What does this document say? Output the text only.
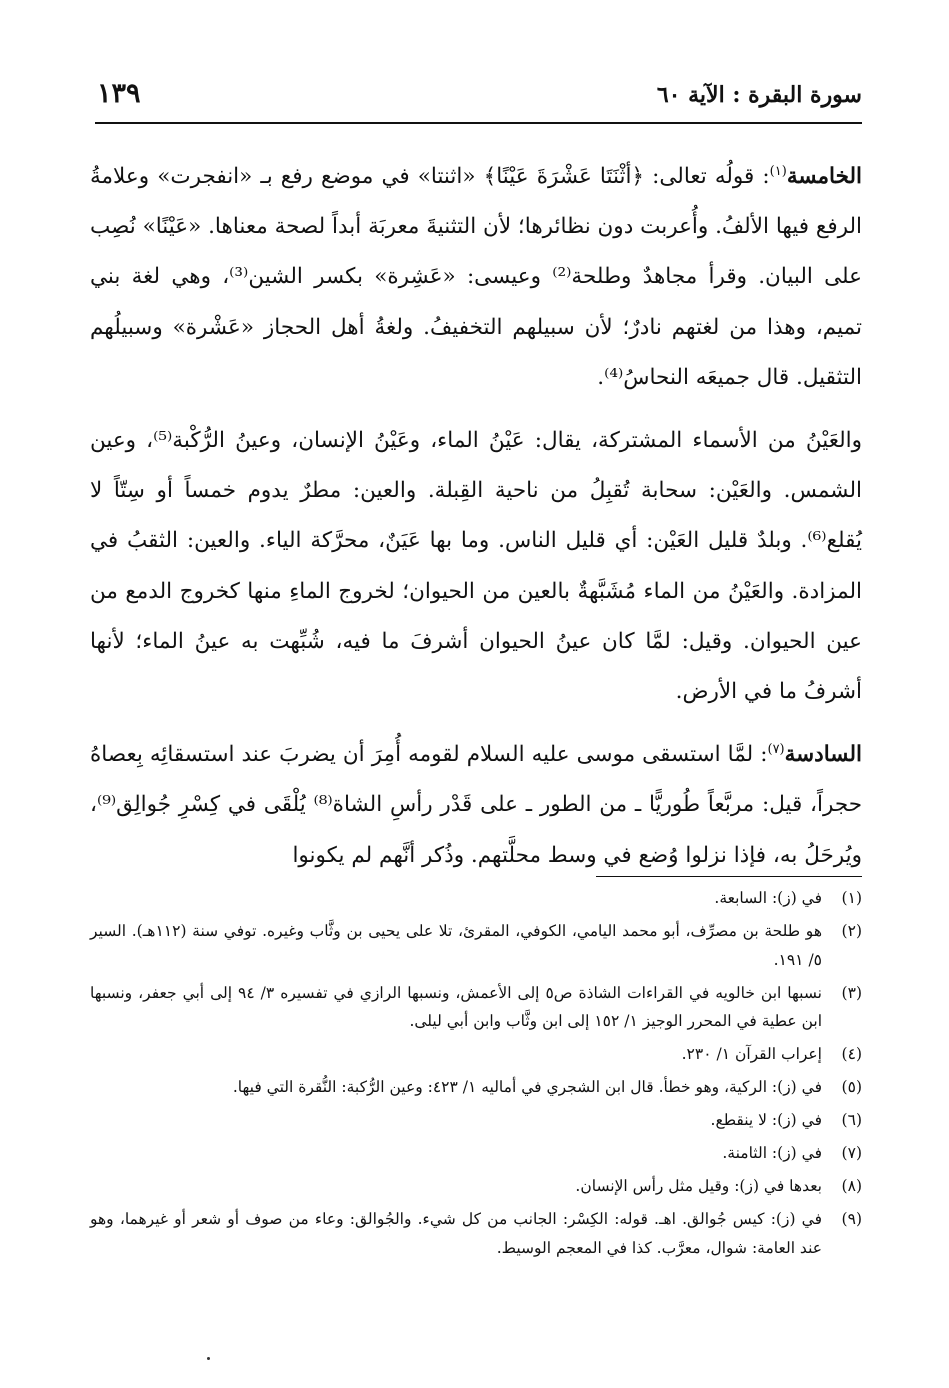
سورة البقرة : الآية ٦٠
١٣٩

الخامسة$^{(١)}$: قولُه تعالى: ﴿أثْنَتَا عَشْرَةَ عَيْنًا﴾ «اثنتا» في موضع رفع بـ «انفجرت» وعلامةُ الرفع فيها الألفُ. وأُعربت دون نظائرها؛ لأن التثنيةَ معربَة أبداً لصحة معناها. «عَيْنًا» نُصِب على البيان. وقرأ مجاهدٌ وطلحة⁽²⁾ وعيسى: «عَشِرة» بكسر الشين⁽³⁾، وهي لغة بني تميم، وهذا من لغتهم نادرٌ؛ لأن سبيلهم التخفيفُ. ولغةُ أهل الحجاز «عَشْرة» وسبيلُهم التثقيل. قال جميعَه النحاسُ⁽⁴⁾.

والعَيْنُ من الأسماء المشتركة، يقال: عَيْنُ الماء، وعَيْنُ الإنسان، وعينُ الرُّكْبة⁽⁵⁾، وعين الشمس. والعَيْن: سحابة تُقبِلُ من ناحية القِبلة. والعين: مطرٌ يدوم خمساً أو سِتّاً لا يُقلع⁽⁶⁾. وبلدٌ قليل العَيْن: أي قليل الناس. وما بها عَيَنٌ، محرَّكة الياء. والعين: الثقبُ في المزادة. والعَيْنُ من الماء مُشَبَّهةٌ بالعين من الحيوان؛ لخروج الماءِ منها كخروج الدمع من عين الحيوان. وقيل: لمَّا كان عينُ الحيوان أشرفَ ما فيه، شُبِّهت به عينُ الماء؛ لأنها أشرفُ ما في الأرض.

السادسة$^{(٧)}$: لمَّا استسقى موسى عليه السلام لقومه أُمِرَ أن يضربَ عند استسقائِه بِعصاهُ حجراً، قيل: مربَّعاً طُوريًّا ـ من الطور ـ على قَدْر رأسِ الشاة⁽⁸⁾ يُلْقَى في كِسْرِ جُوالِق⁽⁹⁾، ويُرحَلُ به، فإذا نزلوا وُضع في وسط محلَّتهم. وذُكر أنَّهم لم يكونوا

(١)
في (ز): السابعة.
(٢)
هو طلحة بن مصرِّف، أبو محمد اليامي، الكوفي، المقرئ، تلا على يحيى بن وثَّاب وغيره. توفي سنة (١١٢هـ). السير ٥/ ١٩١.
(٣)
نسبها ابن خالويه في القراءات الشاذة ص٥ إلى الأعمش، ونسبها الرازي في تفسيره ٣/ ٩٤ إلى أبي جعفر، ونسبها ابن عطية في المحرر الوجيز ١/ ١٥٢ إلى ابن وثَّاب وابن أبي ليلى.
(٤)
إعراب القرآن ١/ ٢٣٠.
(٥)
في (ز): الركية، وهو خطأ. قال ابن الشجري في أماليه ١/ ٤٢٣: وعين الرُّكبة: النُّقرة التي فيها.
(٦)
في (ز): لا ينقطع.
(٧)
في (ز): الثامنة.
(٨)
بعدها في (ز): وقيل مثل رأس الإنسان.
(٩)
في (ز): كيس جُوالق. اهـ. قوله: الكِسْر: الجانب من كل شيء. والجُوالق: وعاء من صوف أو شعر أو غيرهما، وهو عند العامة: شوال، معرَّب. كذا في المعجم الوسيط.
